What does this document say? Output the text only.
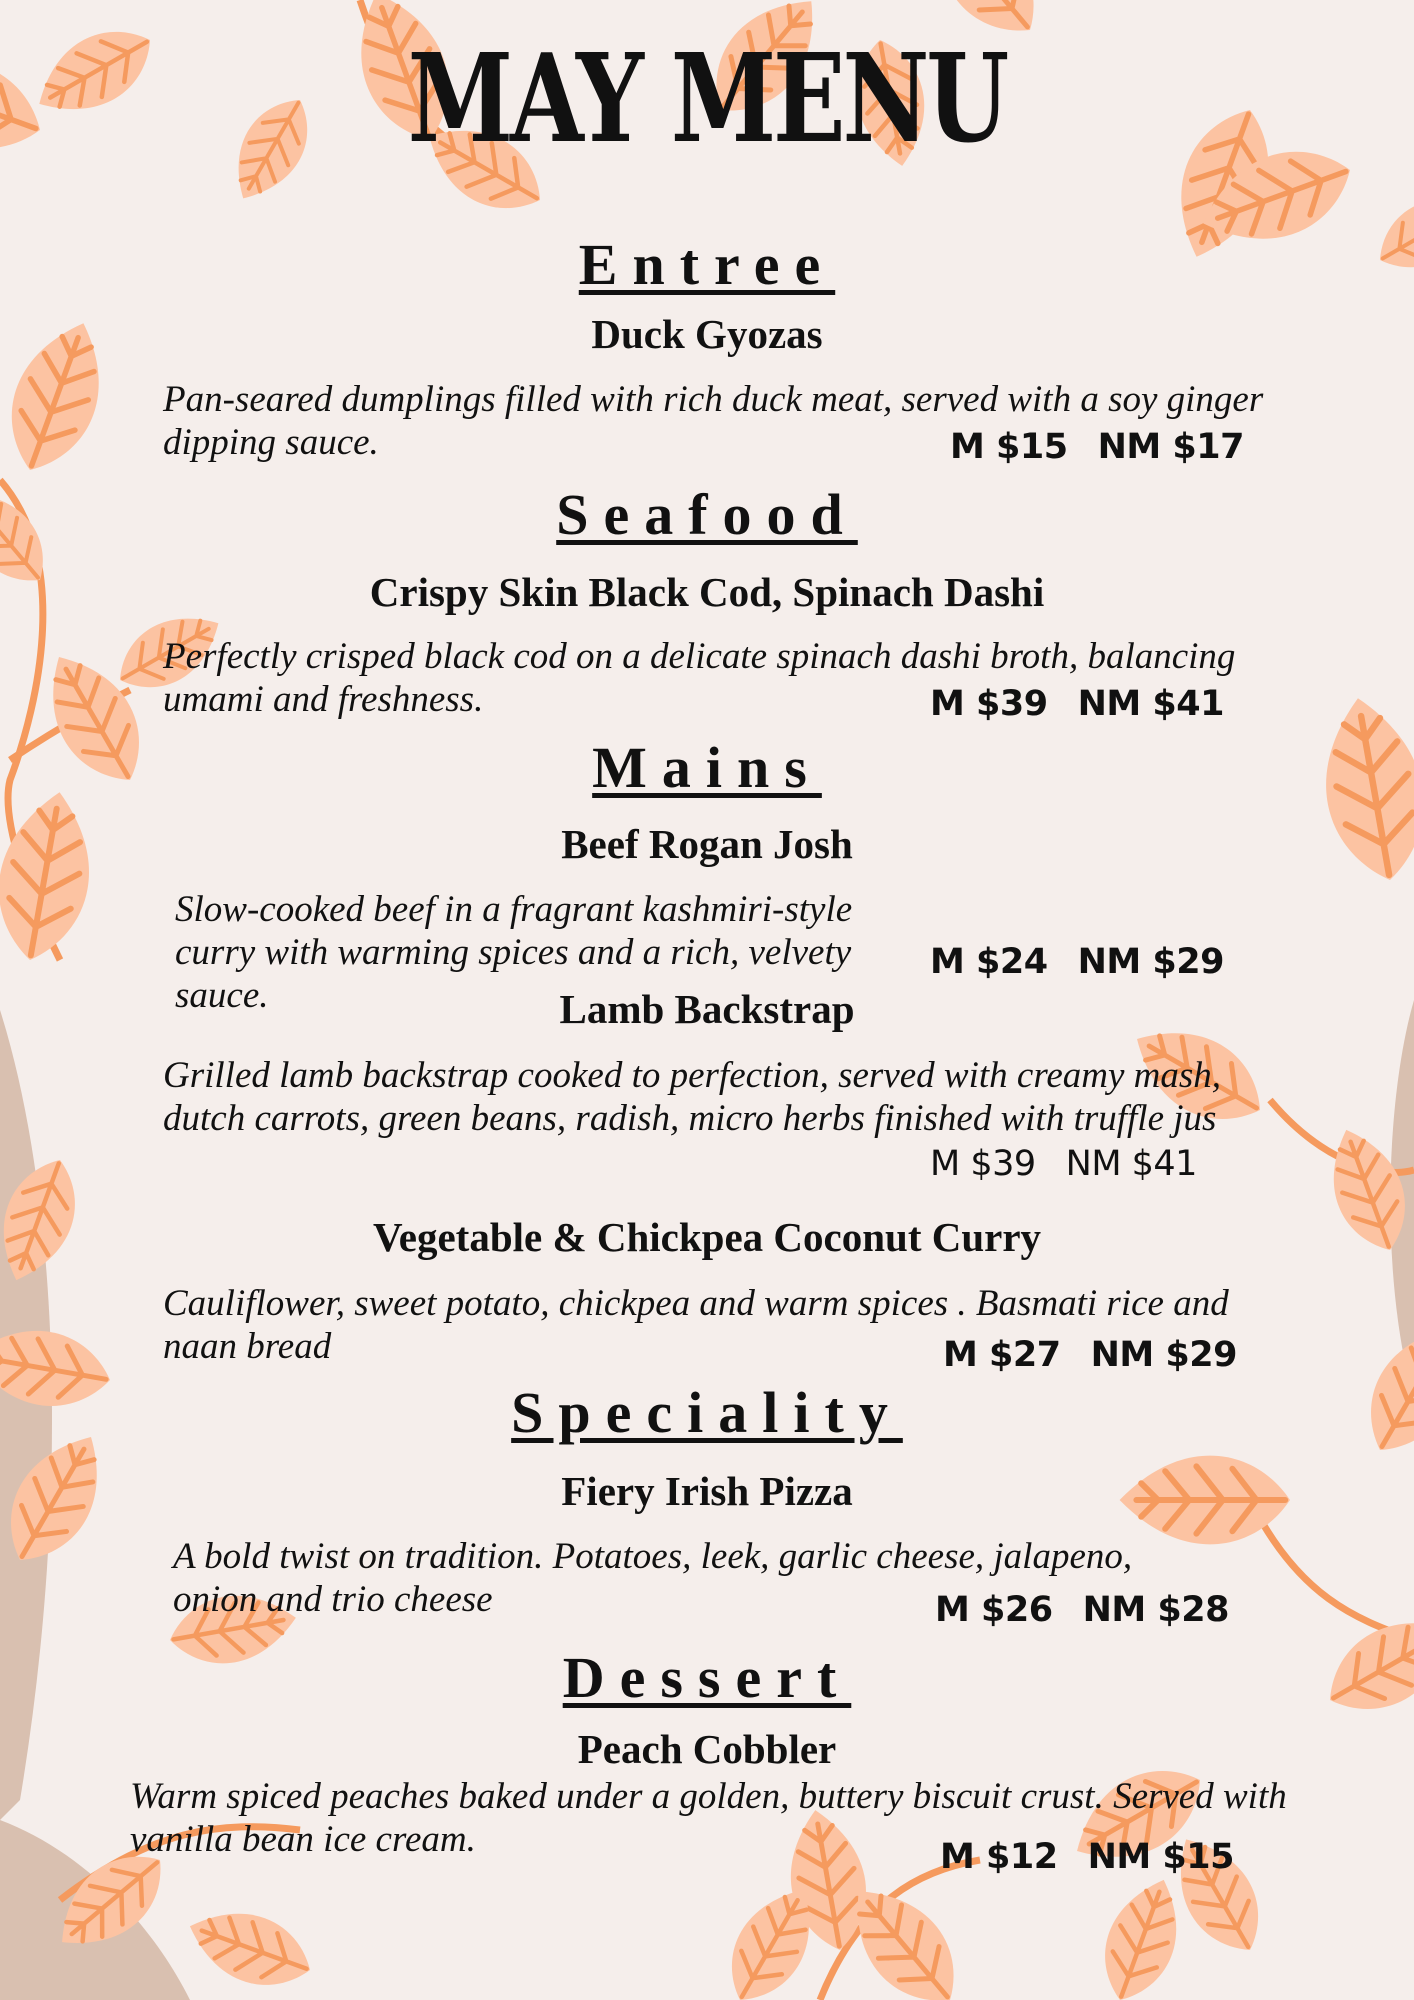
MAY MENU
Entree
Duck Gyozas
Pan-seared dumplings filled with rich duck meat, served with a soy ginger dipping sauce.	M $15 NM $17
Seafood
Crispy Skin Black Cod, Spinach Dashi
Perfectly crisped black cod on a delicate spinach dashi broth, balancing umami and freshness.	M $39 NM $41
Mains
Beef Rogan Josh
Slow-cooked beef in a fragrant kashmiri-style curry with warming spices and a rich, velvety sauce.
M $24 NM $29
Lamb Backstrap
Grilled lamb backstrap cooked to perfection, served with creamy mash, dutch carrots, green beans, radish, micro herbs finished with truffle jus
M $39 NM $41
Vegetable & Chickpea Coconut Curry
Cauliflower, sweet potato, chickpea and warm spices . Basmati rice and naan bread	M $27 NM $29
Speciality
Fiery Irish Pizza
A bold twist on tradition. Potatoes, leek, garlic cheese, jalapeno, onion and trio cheese	M $26 NM $28
Dessert
Peach Cobbler
Warm spiced peaches baked under a golden, buttery biscuit crust. Served with vanilla bean ice cream.	M $12 NM $15
